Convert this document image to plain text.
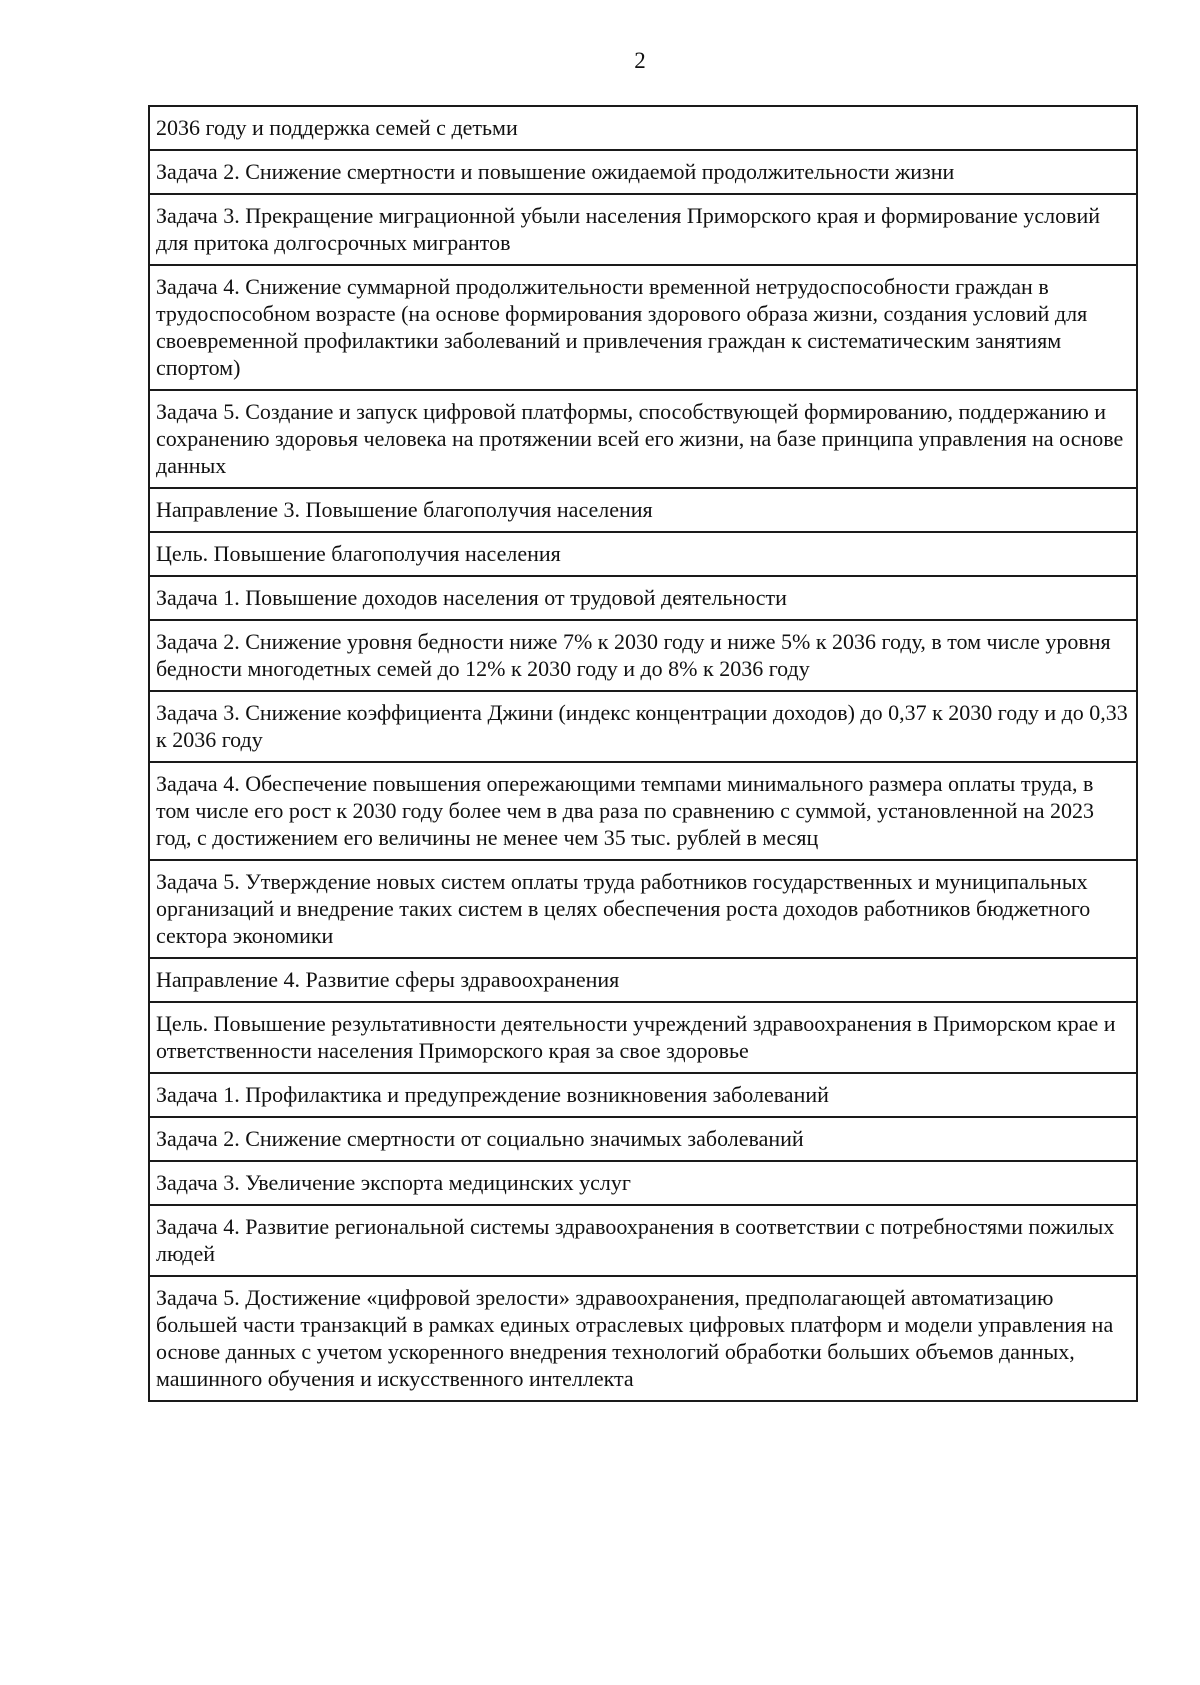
2
2036 году и поддержка семей с детьми
Задача 2. Снижение смертности и повышение ожидаемой продолжительности жизни
Задача 3. Прекращение миграционной убыли населения Приморского края и формирование условий для притока долгосрочных мигрантов
Задача 4. Снижение суммарной продолжительности временной нетрудоспособности граждан в трудоспособном возрасте (на основе формирования здорового образа жизни, создания условий для своевременной профилактики заболеваний и привлечения граждан к систематическим занятиям спортом)
Задача 5. Создание и запуск цифровой платформы, способствующей формированию, поддержанию и сохранению здоровья человека на протяжении всей его жизни, на базе принципа управления на основе данных
Направление 3. Повышение благополучия населения
Цель. Повышение благополучия населения
Задача 1. Повышение доходов населения от трудовой деятельности
Задача 2. Снижение уровня бедности ниже 7% к 2030 году и ниже 5% к 2036 году, в том числе уровня бедности многодетных семей до 12% к 2030 году и до 8% к 2036 году
Задача 3. Снижение коэффициента Джини (индекс концентрации доходов) до 0,37 к 2030 году и до 0,33 к 2036 году
Задача 4. Обеспечение повышения опережающими темпами минимального размера оплаты труда, в том числе его рост к 2030 году более чем в два раза по сравнению с суммой, установленной на 2023 год, с достижением его величины не менее чем 35 тыс. рублей в месяц
Задача 5. Утверждение новых систем оплаты труда работников государственных и муниципальных организаций и внедрение таких систем в целях обеспечения роста доходов работников бюджетного сектора экономики
Направление 4. Развитие сферы здравоохранения
Цель. Повышение результативности деятельности учреждений здравоохранения в Приморском крае и ответственности населения Приморского края за свое здоровье
Задача 1. Профилактика и предупреждение возникновения заболеваний
Задача 2. Снижение смертности от социально значимых заболеваний
Задача 3. Увеличение экспорта медицинских услуг
Задача 4. Развитие региональной системы здравоохранения в соответствии с потребностями пожилых людей
Задача 5. Достижение «цифровой зрелости» здравоохранения, предполагающей автоматизацию большей части транзакций в рамках единых отраслевых цифровых платформ и модели управления на основе данных с учетом ускоренного внедрения технологий обработки больших объемов данных, машинного обучения и искусственного интеллекта
